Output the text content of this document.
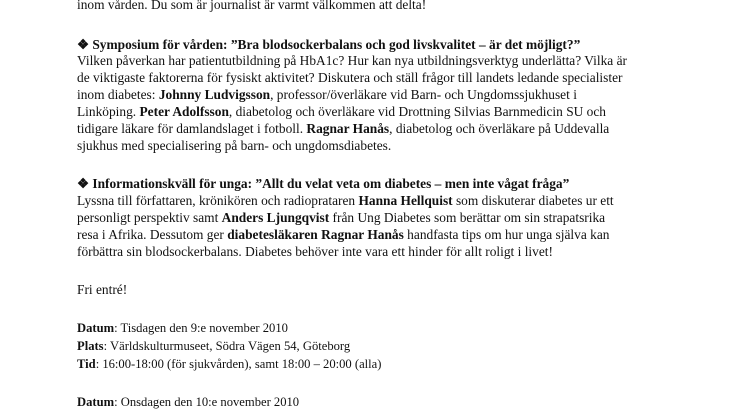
inom vården. Du som är journalist är varmt välkommen att delta!
❖ Symposium för vården: ”Bra blodsockerbalans och god livskvalitet – är det möjligt?”
Vilken påverkan har patientutbildning på HbA1c? Hur kan nya utbildningsverktyg underlätta? Vilka är
de viktigaste faktorerna för fysiskt aktivitet? Diskutera och ställ frågor till landets ledande specialister
inom diabetes: Johnny Ludvigsson, professor/överläkare vid Barn- och Ungdomssjukhuset i
Linköping. Peter Adolfsson, diabetolog och överläkare vid Drottning Silvias Barnmedicin SU och
tidigare läkare för damlandslaget i fotboll. Ragnar Hanås, diabetolog och överläkare på Uddevalla
sjukhus med specialisering på barn- och ungdomsdiabetes.
❖ Informationskväll för unga: ”Allt du velat veta om diabetes – men inte vågat fråga”
Lyssna till författaren, krönikören och radioprataren Hanna Hellquist som diskuterar diabetes ur ett
personligt perspektiv samt Anders Ljungqvist från Ung Diabetes som berättar om sin strapatsrika
resa i Afrika. Dessutom ger diabetesläkaren Ragnar Hanås handfasta tips om hur unga själva kan
förbättra sin blodsockerbalans. Diabetes behöver inte vara ett hinder för allt roligt i livet!
Fri entré!
Datum: Tisdagen den 9:e november 2010
Plats: Världskulturmuseet, Södra Vägen 54, Göteborg
Tid: 16:00-18:00 (för sjukvården), samt 18:00 – 20:00 (alla)
Datum: Onsdagen den 10:e november 2010
